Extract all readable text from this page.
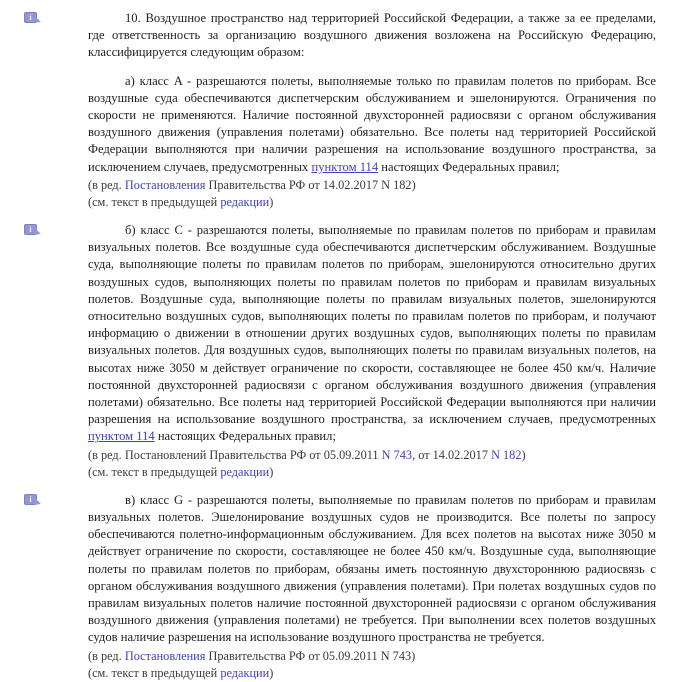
i	10. Воздушное пространство над территорией Российской Федерации, а также за ее пределами, где ответственность за организацию воздушного движения возложена на Российскую Федерацию, классифицируется следующим образом:

а) класс A - разрешаются полеты, выполняемые только по правилам полетов по приборам. Все воздушные суда обеспечиваются диспетчерским обслуживанием и эшелонируются. Ограничения по скорости не применяются. Наличие постоянной двухсторонней радиосвязи с органом обслуживания воздушного движения (управления полетами) обязательно. Все полеты над территорией Российской Федерации выполняются при наличии разрешения на использование воздушного пространства, за исключением случаев, предусмотренных пунктом 114 настоящих Федеральных правил;

(в ред. Постановления Правительства РФ от 14.02.2017 N 182)

(см. текст в предыдущей редакции)

i	б) класс C - разрешаются полеты, выполняемые по правилам полетов по приборам и правилам визуальных полетов. Все воздушные суда обеспечиваются диспетчерским обслуживанием. Воздушные суда, выполняющие полеты по правилам полетов по приборам, эшелонируются относительно других воздушных судов, выполняющих полеты по правилам полетов по приборам и правилам визуальных полетов. Воздушные суда, выполняющие полеты по правилам визуальных полетов, эшелонируются относительно воздушных судов, выполняющих полеты по правилам полетов по приборам, и получают информацию о движении в отношении других воздушных судов, выполняющих полеты по правилам визуальных полетов. Для воздушных судов, выполняющих полеты по правилам визуальных полетов, на высотах ниже 3050 м действует ограничение по скорости, составляющее не более 450 км/ч. Наличие постоянной двухсторонней радиосвязи с органом обслуживания воздушного движения (управления полетами) обязательно. Все полеты над территорией Российской Федерации выполняются при наличии разрешения на использование воздушного пространства, за исключением случаев, предусмотренных пунктом 114 настоящих Федеральных правил;

(в ред. Постановлений Правительства РФ от 05.09.2011 N 743, от 14.02.2017 N 182)

(см. текст в предыдущей редакции)

i	в) класс G - разрешаются полеты, выполняемые по правилам полетов по приборам и правилам визуальных полетов. Эшелонирование воздушных судов не производится. Все полеты по запросу обеспечиваются полетно-информационным обслуживанием. Для всех полетов на высотах ниже 3050 м действует ограничение по скорости, составляющее не более 450 км/ч. Воздушные суда, выполняющие полеты по правилам полетов по приборам, обязаны иметь постоянную двухстороннюю радиосвязь с органом обслуживания воздушного движения (управления полетами). При полетах воздушных судов по правилам визуальных полетов наличие постоянной двухсторонней радиосвязи с органом обслуживания воздушного движения (управления полетами) не требуется. При выполнении всех полетов воздушных судов наличие разрешения на использование воздушного пространства не требуется.

(в ред. Постановления Правительства РФ от 05.09.2011 N 743)

(см. текст в предыдущей редакции)
